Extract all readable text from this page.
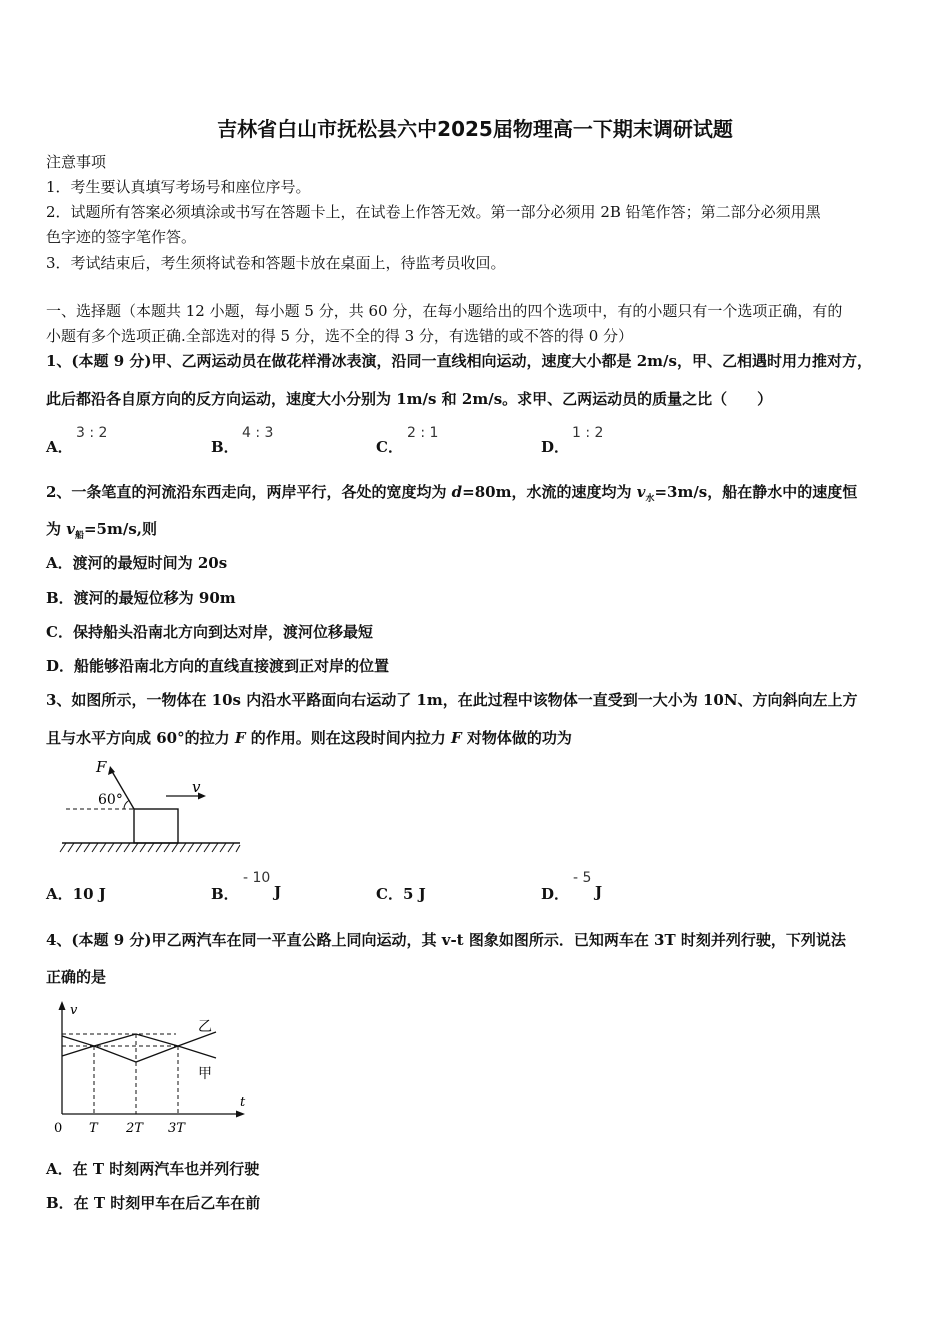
吉林省白山市抚松县六中2025届物理高一下期末调研试题
注意事项
1．考生要认真填写考场号和座位序号。
2．试题所有答案必须填涂或书写在答题卡上，在试卷上作答无效。第一部分必须用 2B 铅笔作答；第二部分必须用黑
色字迹的签字笔作答。
3．考试结束后，考生须将试卷和答题卡放在桌面上，待监考员收回。
一、选择题（本题共 12 小题，每小题 5 分，共 60 分，在每小题给出的四个选项中，有的小题只有一个选项正确，有的
小题有多个选项正确.全部选对的得 5 分，选不全的得 3 分，有选错的或不答的得 0 分）
1、(本题 9 分)甲、乙两运动员在做花样滑冰表演，沿同一直线相向运动，速度大小都是 2m/s，甲、乙相遇时用力推对方，
此后都沿各自原方向的反方向运动，速度大小分别为 1m/s 和 2m/s。求甲、乙两运动员的质量之比（　　）
A．
3 : 2
B．
4 : 3
C．
2 : 1
D．
1 : 2
2、一条笔直的河流沿东西走向，两岸平行，各处的宽度均为 d=80m，水流的速度均为 $v_水=3m/s$，船在静水中的速度恒
为 $v_船=5m/s$,则
A．渡河的最短时间为 20s
B．渡河的最短位移为 90m
C．保持船头沿南北方向到达对岸，渡河位移最短
D．船能够沿南北方向的直线直接渡到正对岸的位置
3、如图所示，一物体在 10s 内沿水平路面向右运动了 1m，在此过程中该物体一直受到一大小为 10N、方向斜向左上方
且与水平方向成 60°的拉力 F 的作用。则在这段时间内拉力 F 对物体做的功为
F
60°
v
A．10 J	B．
- 10
J	C．5 J	D．
- 5
J
4、(本题 9 分)甲乙两汽车在同一平直公路上同向运动，其 v-t 图象如图所示．已知两车在 3T 时刻并列行驶，下列说法
正确的是
v
t
0 T 2T 3T
乙
甲
A．在 T 时刻两汽车也并列行驶
B．在 T 时刻甲车在后乙车在前
